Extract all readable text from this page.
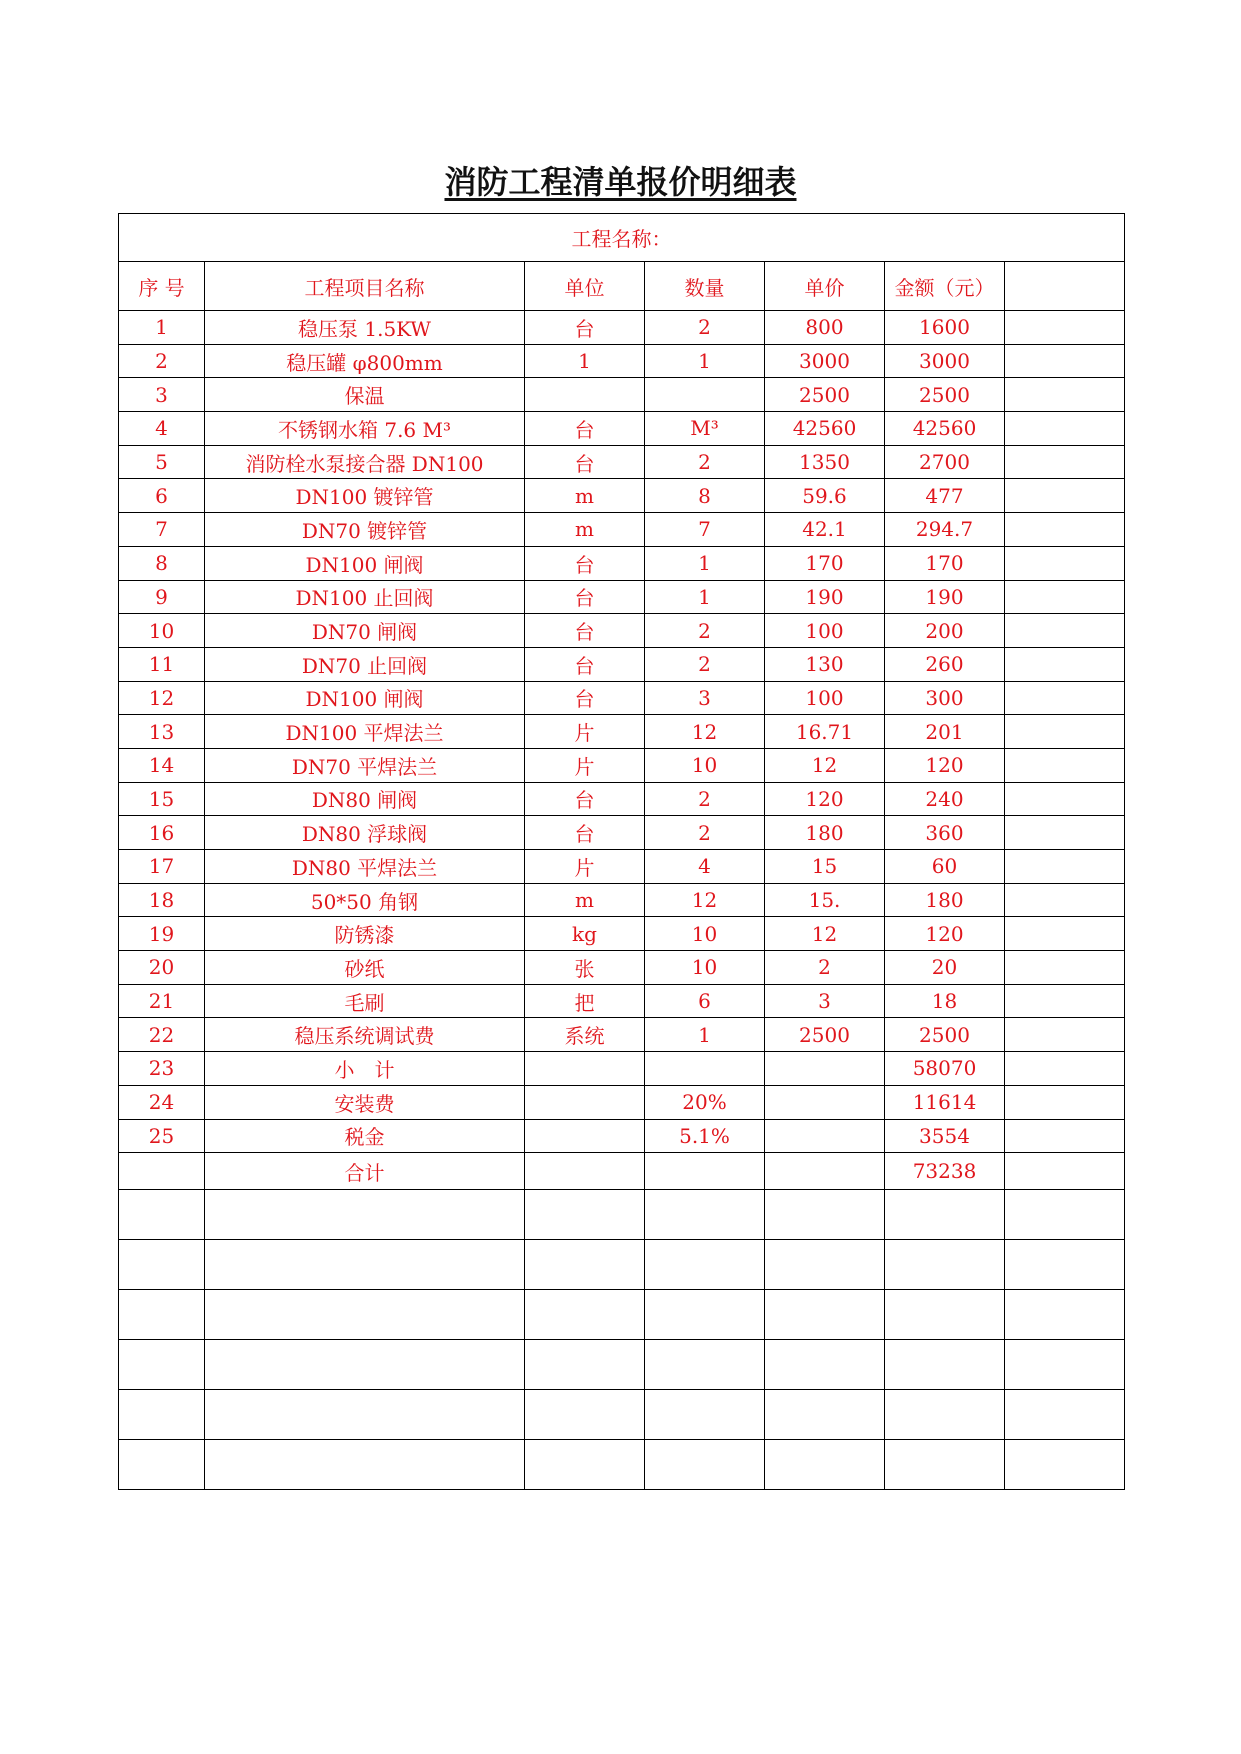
消防工程清单报价明细表
工程名称：						
序 号	工程项目名称	单位	数量	单价	金额（元）	
1	稳压泵 1.5KW	台	2	800	1600	
2	稳压罐 φ800mm	1	1	3000	3000	
3	保温			2500	2500	
4	不锈钢水箱 7.6 M³	台	M³	42560	42560	
5	消防栓水泵接合器 DN100	台	2	1350	2700	
6	DN100 镀锌管	m	8	59.6	477	
7	DN70 镀锌管	m	7	42.1	294.7	
8	DN100 闸阀	台	1	170	170	
9	DN100 止回阀	台	1	190	190	
10	DN70 闸阀	台	2	100	200	
11	DN70 止回阀	台	2	130	260	
12	DN100 闸阀	台	3	100	300	
13	DN100 平焊法兰	片	12	16.71	201	
14	DN70 平焊法兰	片	10	12	120	
15	DN80 闸阀	台	2	120	240	
16	DN80 浮球阀	台	2	180	360	
17	DN80 平焊法兰	片	4	15	60	
18	50*50 角钢	m	12	15.	180	
19	防锈漆	kg	10	12	120	
20	砂纸	张	10	2	20	
21	毛刷	把	6	3	18	
22	稳压系统调试费	系统	1	2500	2500	
23	小　计				58070	
24	安装费		20%		11614	
25	税金		5.1%		3554	
	合计				73238	
